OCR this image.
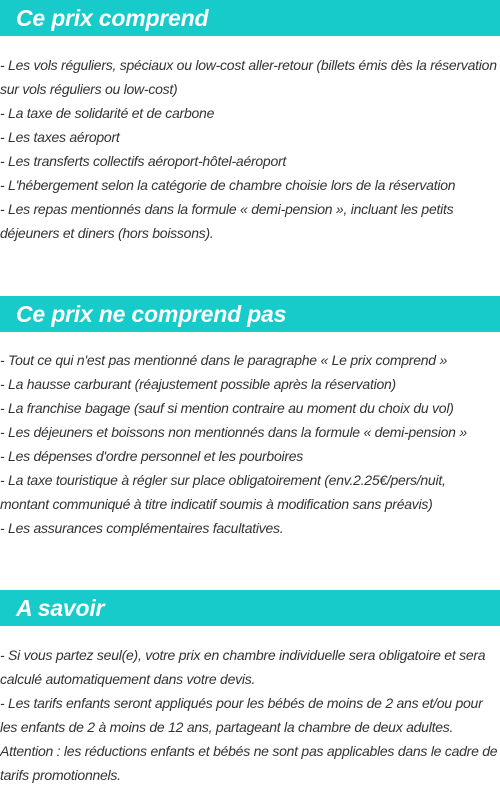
Ce prix comprend
- Les vols réguliers, spéciaux ou low-cost aller-retour (billets émis dès la réservation sur vols réguliers ou low-cost)
- La taxe de solidarité et de carbone
- Les taxes aéroport
- Les transferts collectifs aéroport-hôtel-aéroport
- L'hébergement selon la catégorie de chambre choisie lors de la réservation
- Les repas mentionnés dans la formule « demi-pension », incluant les petits déjeuners et diners (hors boissons).
Ce prix ne comprend pas
- Tout ce qui n'est pas mentionné dans le paragraphe « Le prix comprend »
- La hausse carburant (réajustement possible après la réservation)
- La franchise bagage (sauf si mention contraire au moment du choix du vol)
- Les déjeuners et boissons non mentionnés dans la formule « demi-pension »
- Les dépenses d'ordre personnel et les pourboires
- La taxe touristique à régler sur place obligatoirement (env.2.25€/pers/nuit, montant communiqué à titre indicatif soumis à modification sans préavis)
- Les assurances complémentaires facultatives.
A savoir
- Si vous partez seul(e), votre prix en chambre individuelle sera obligatoire et sera calculé automatiquement dans votre devis.
- Les tarifs enfants seront appliqués pour les bébés de moins de 2 ans et/ou pour les enfants de 2 à moins de 12 ans, partageant la chambre de deux adultes. Attention : les réductions enfants et bébés ne sont pas applicables dans le cadre de tarifs promotionnels.
